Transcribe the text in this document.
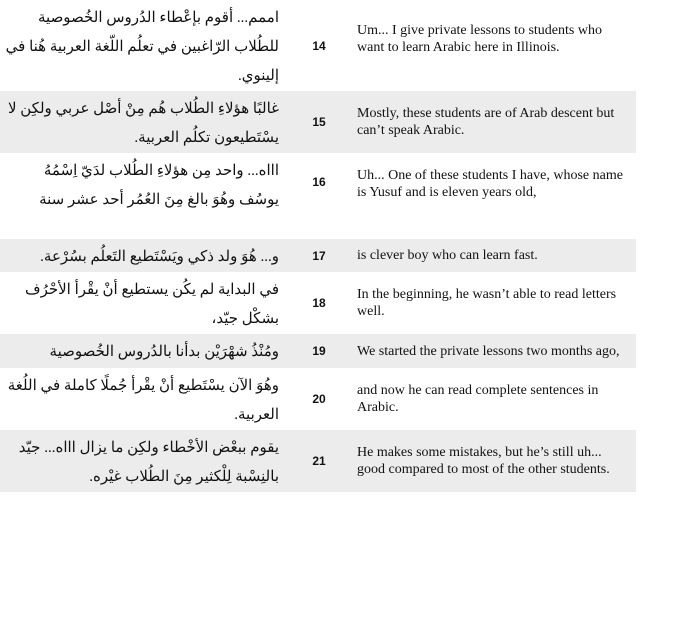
اممم... أقوم بإعْطاء الدُروس الخُصوصية للطُلاب الرّاغبين في تعلُم اللّغة العربية هُنا في إلينوي.	14	Um... I give private lessons to students who want to learn Arabic here in Illinois.
غالبًا هؤلاءِ الطُلاب هُم مِنْ أصْل عربي ولكِن لا يسْتَطيعون تكلُم العربية.	15	Mostly, these students are of Arab descent but can’t speak Arabic.
اااه... واحد مِن هؤلاءِ الطُلاب لدَيّ اِسْمُهُ يوسُف وهُوَ بالغ مِنَ العُمُر أحد عشر سنة	16	Uh... One of these students I have, whose name is Yusuf and is eleven years old,
و... هُوَ ولد ذكي ويَسْتَطيع التَعلُم بسُرْعة.	17	is clever boy who can learn fast.
في البداية لم يكُن يستطيع أنْ يقْرأ الأحْرُف بشكْل جيّد،	18	In the beginning, he wasn’t able to read letters well.
ومُنْذُ شهْرَيْن بدأنا بالدُروس الخُصوصية	19	We started the private lessons two months ago,
وهُوَ الآن يسْتَطيع أنْ يقْرأ جُملًا كاملة في اللُغة العربية.	20	and now he can read complete sentences in Arabic.
يقوم ببعْض الأخْطاء ولكِن ما يزال اااه... جيّد بالنِسْبة لِلْكثير مِنَ الطُلاب غيْره.	21	He makes some mistakes, but he’s still uh... good compared to most of the other students.
